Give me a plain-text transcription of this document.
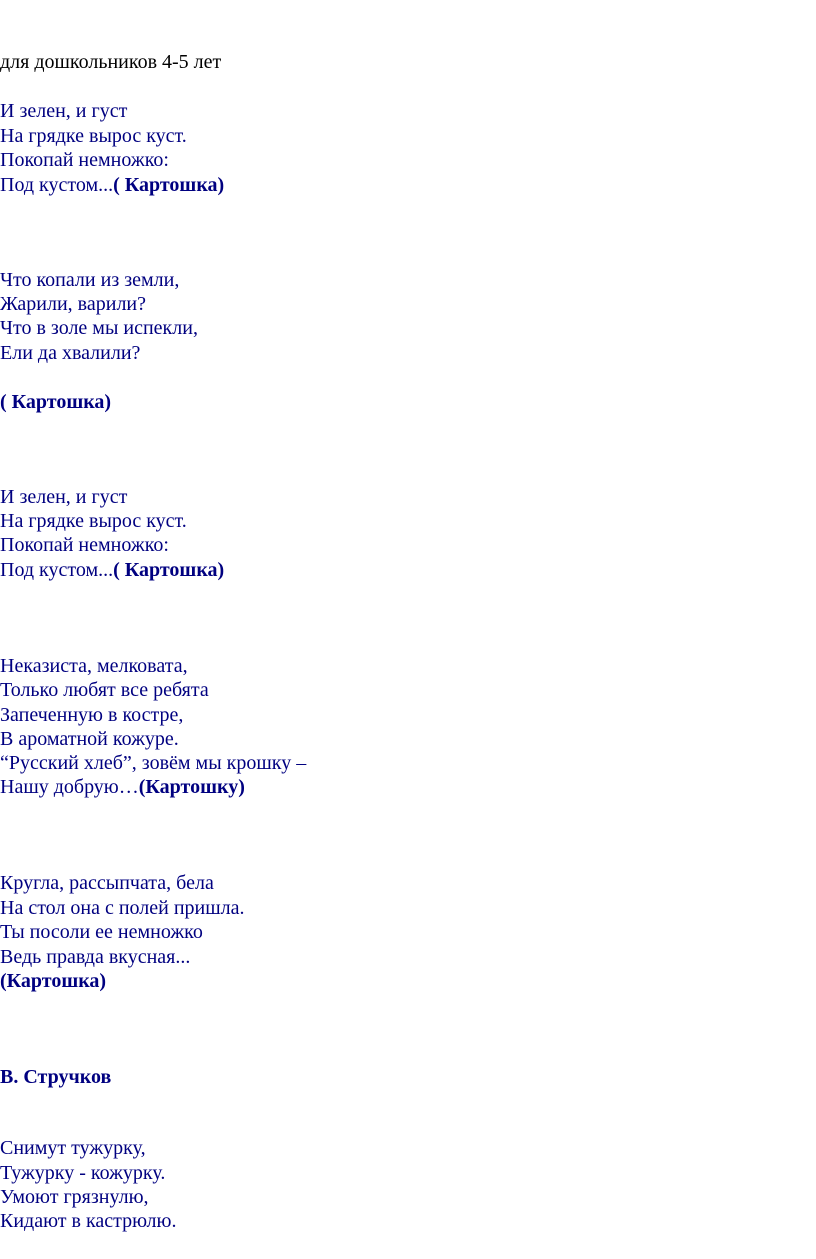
для дошкольников 4-5 лет
И зелен, и густ
На грядке вырос куст.
Покопай немножко:
Под кустом...( Картошка)
Что копали из земли,
Жарили, варили?
Что в золе мы испекли,
Ели да хвалили?
( Картошка)
И зелен, и густ
На грядке вырос куст.
Покопай немножко:
Под кустом...( Картошка)
Неказиста, мелковата,
Только любят все ребята
Запеченную в костре,
В ароматной кожуре.
“Русский хлеб”, зовём мы крошку –
Нашу добрую…(Картошку)
Кругла, рассыпчата, бела
На стол она с полей пришла.
Ты посоли ее немножко
Ведь правда вкусная...
(Картошка)
В. Стручков
Снимут тужурку,
Тужурку - кожурку.
Умоют грязнулю,
Кидают в кастрюлю.
